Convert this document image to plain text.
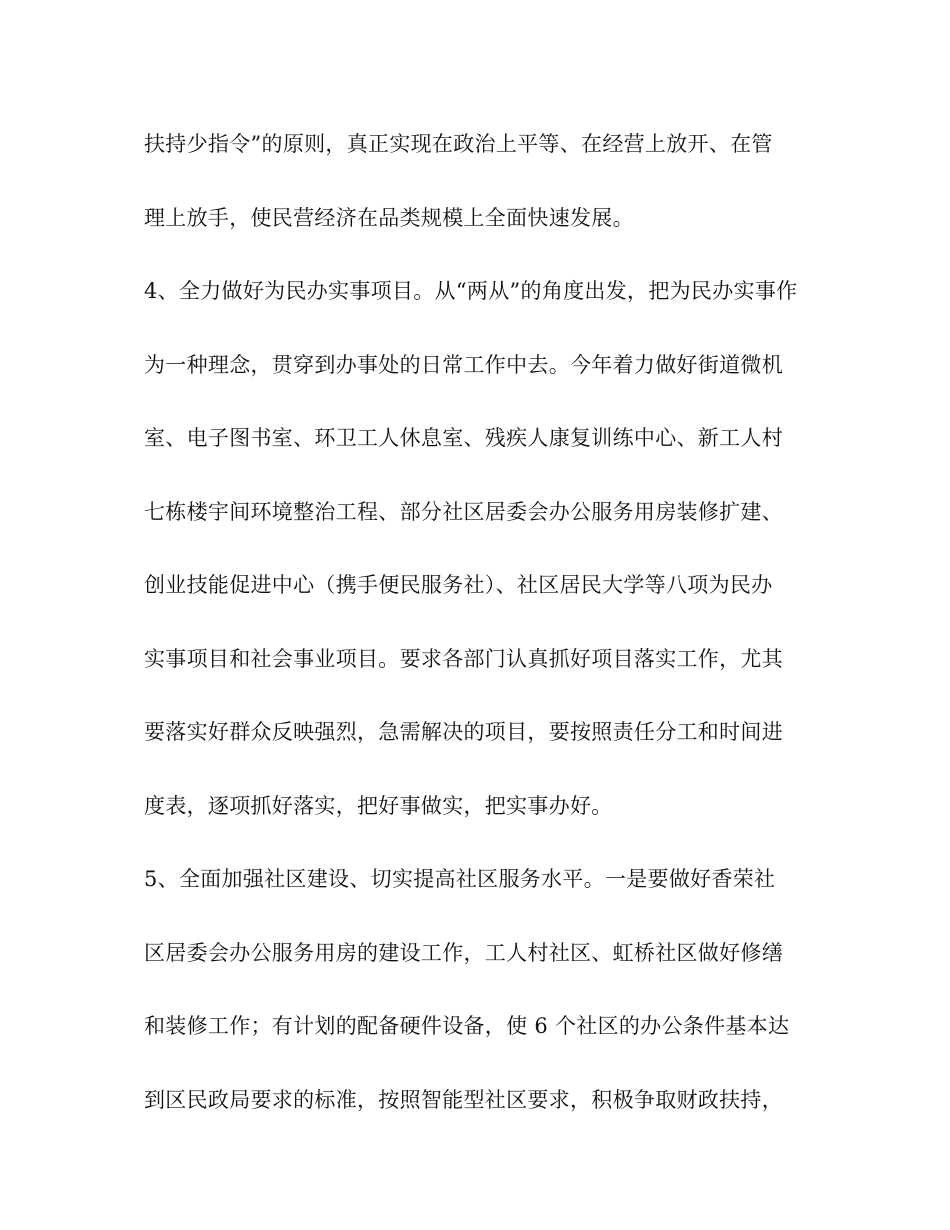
扶持少指令”的原则，真正实现在政治上平等、在经营上放开、在管
理上放手，使民营经济在品类规模上全面快速发展。
4、全力做好为民办实事项目。从“两从”的角度出发，把为民办实事作
为一种理念，贯穿到办事处的日常工作中去。今年着力做好街道微机
室、电子图书室、环卫工人休息室、残疾人康复训练中心、新工人村
七栋楼宇间环境整治工程、部分社区居委会办公服务用房装修扩建、
创业技能促进中心（携手便民服务社）、社区居民大学等八项为民办
实事项目和社会事业项目。要求各部门认真抓好项目落实工作，尤其
要落实好群众反映强烈，急需解决的项目，要按照责任分工和时间进
度表，逐项抓好落实，把好事做实，把实事办好。
5、全面加强社区建设、切实提高社区服务水平。一是要做好香荣社
区居委会办公服务用房的建设工作，工人村社区、虹桥社区做好修缮
和装修工作；有计划的配备硬件设备，使 6 个社区的办公条件基本达
到区民政局要求的标准，按照智能型社区要求，积极争取财政扶持，
